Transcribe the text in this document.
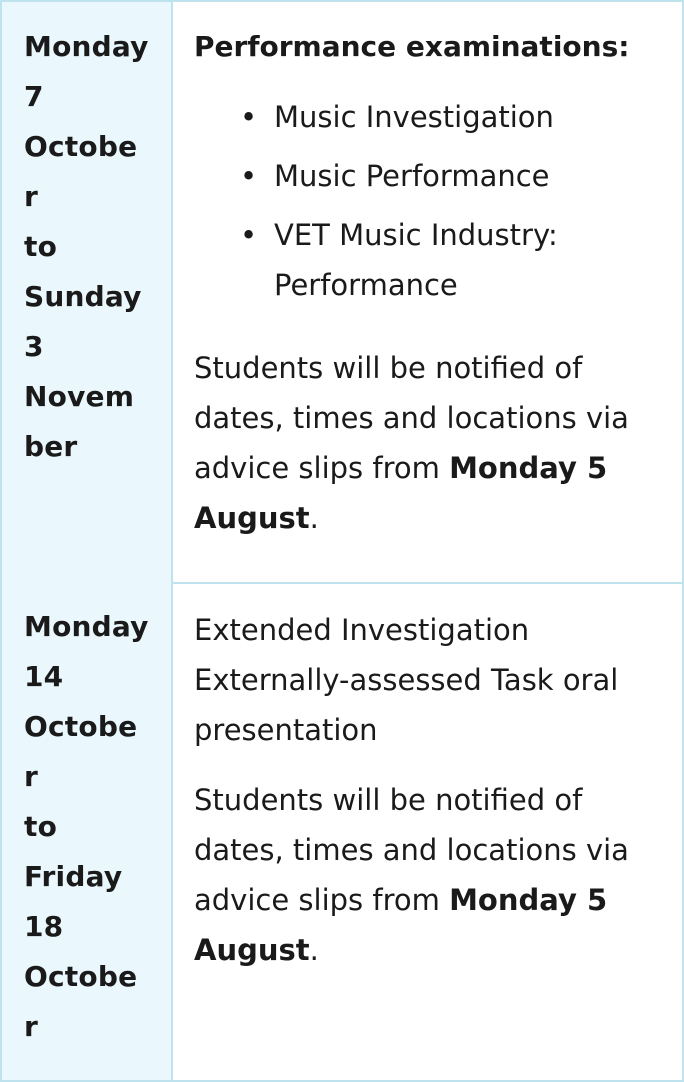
Monday
7
Octobe
r
to
Sunday
3
Novem
ber
Performance examinations:
• Music Investigation
• Music Performance
• VET Music Industry: Performance

Students will be notified of dates, times and locations via advice slips from Monday 5 August.

Monday
14
Octobe
r
to
Friday
18
Octobe
r

Extended Investigation Externally-assessed Task oral presentation

Students will be notified of dates, times and locations via advice slips from Monday 5 August.
